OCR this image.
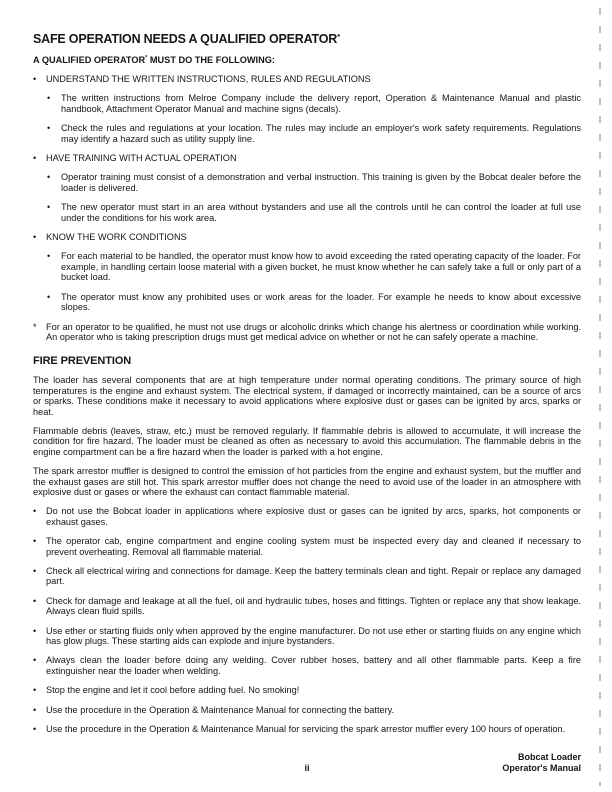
SAFE OPERATION NEEDS A QUALIFIED OPERATOR*
A QUALIFIED OPERATOR* MUST DO THE FOLLOWING:
•	UNDERSTAND THE WRITTEN INSTRUCTIONS, RULES AND REGULATIONS

•	The written instructions from Melroe Company include the delivery report, Operation & Maintenance Manual and plastic handbook, Attachment Operator Manual and machine signs (decals).

•	Check the rules and regulations at your location. The rules may include an employer's work safety requirements. Regulations may identify a hazard such as utility supply line.

•	HAVE TRAINING WITH ACTUAL OPERATION

•	Operator training must consist of a demonstration and verbal instruction. This training is given by the Bobcat dealer before the loader is delivered.

•	The new operator must start in an area without bystanders and use all the controls until he can control the loader at full use under the conditions for his work area.

•	KNOW THE WORK CONDITIONS

•	For each material to be handled, the operator must know how to avoid exceeding the rated operating capacity of the loader. For example, in handling certain loose material with a given bucket, he must know whether he can safely take a full or only part of a bucket load.

•	The operator must know any prohibited uses or work areas for the loader. For example he needs to know about excessive slopes.

*	For an operator to be qualified, he must not use drugs or alcoholic drinks which change his alertness or coordination while working. An operator who is taking prescription drugs must get medical advice on whether or not he can safely operate a machine.

FIRE PREVENTION

The loader has several components that are at high temperature under normal operating conditions. The primary source of high temperatures is the engine and exhaust system. The electrical system, if damaged or incorrectly maintained, can be a source of arcs or sparks. These conditions make it necessary to avoid applications where explosive dust or gases can be ignited by arcs, sparks or heat.

Flammable debris (leaves, straw, etc.) must be removed regularly. If flammable debris is allowed to accumulate, it will increase the condition for fire hazard. The loader must be cleaned as often as necessary to avoid this accumulation. The flammable debris in the engine compartment can be a fire hazard when the loader is parked with a hot engine.

The spark arrestor muffler is designed to control the emission of hot particles from the engine and exhaust system, but the muffler and the exhaust gases are still hot. This spark arrestor muffler does not change the need to avoid use of the loader in an atmosphere with explosive dust or gases or where the exhaust can contact flammable material.

•	Do not use the Bobcat loader in applications where explosive dust or gases can be ignited by arcs, sparks, hot components or exhaust gases.

•	The operator cab, engine compartment and engine cooling system must be inspected every day and cleaned if necessary to prevent overheating. Removal all flammable material.

•	Check all electrical wiring and connections for damage. Keep the battery terminals clean and tight. Repair or replace any damaged part.

•	Check for damage and leakage at all the fuel, oil and hydraulic tubes, hoses and fittings. Tighten or replace any that show leakage. Always clean fluid spills.

•	Use ether or starting fluids only when approved by the engine manufacturer. Do not use ether or starting fluids on any engine which has glow plugs. These starting aids can explode and injure bystanders.

•	Always clean the loader before doing any welding. Cover rubber hoses, battery and all other flammable parts. Keep a fire extinguisher near the loader when welding.

•	Stop the engine and let it cool before adding fuel. No smoking!

•	Use the procedure in the Operation & Maintenance Manual for connecting the battery.

•	Use the procedure in the Operation & Maintenance Manual for servicing the spark arrestor muffler every 100 hours of operation.

ii
Bobcat Loader
Operator's Manual
